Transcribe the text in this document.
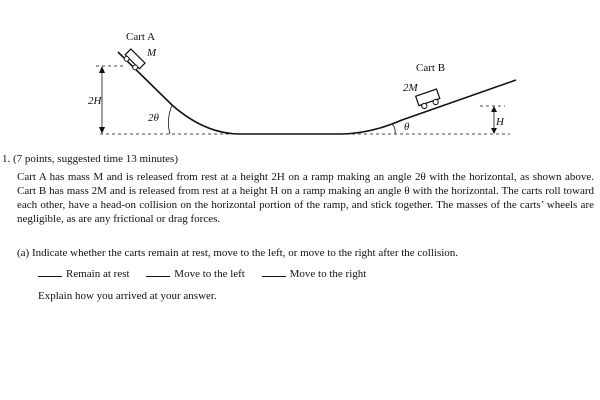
2H
2θ
Cart A
M
Cart B
2M
θ	H

1. (7 points, suggested time 13 minutes)

Cart A has mass M and is released from rest at a height 2H on a ramp making an angle 2θ with the horizontal, as shown above. Cart B has mass 2M and is released from rest at a height H on a ramp making an angle θ with the horizontal. The carts roll toward each other, have a head-on collision on the horizontal portion of the ramp, and stick together. The masses of the carts’ wheels are negligible, as are any frictional or drag forces.

(a) Indicate whether the carts remain at rest, move to the left, or move to the right after the collision.

Remain at rest	Move to the left	Move to the right

Explain how you arrived at your answer.
